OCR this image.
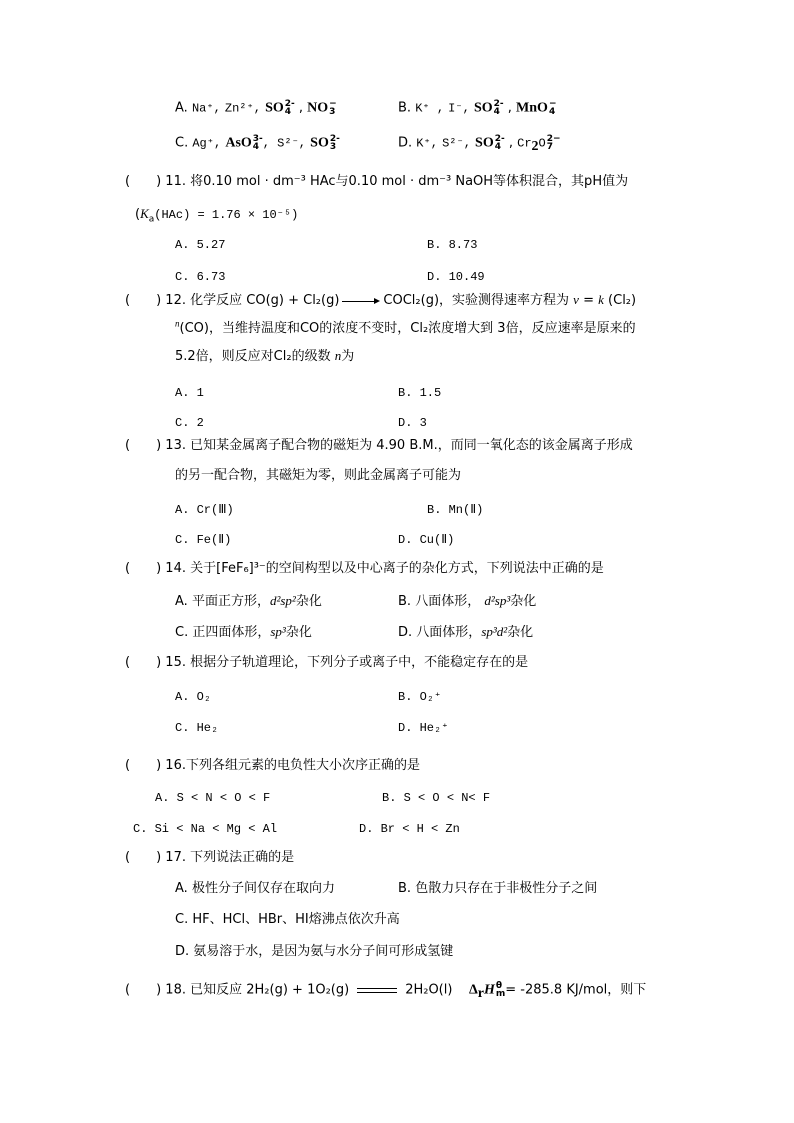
A. Na⁺, Zn²⁺, SO 2-
4 , NO −
3	B. K⁺ , I⁻, SO 2-
4 , MnO −
4
C. Ag⁺, AsO 3-
4 , S²⁻, SO 2-
3	D. K⁺, S²⁻, SO 2-
4 , $Cr_2O$ 2−
7
(　　) 11. 将0.10 mol · dm⁻³ HAc与0.10 mol · dm⁻³ NaOH等体积混合，其pH值为
$(K_a(HAc) = 1.76 \times 10^{-5})$
A. 5.27	B. 8.73
C. 6.73	D. 10.49
(　　) 12. 化学反应 CO(g) + Cl₂(g)	COCl₂(g)，实验测得速率方程为 v = k (Cl₂)
$^n$(CO)，当维持温度和CO的浓度不变时，Cl₂浓度增大到 3倍，反应速率是原来的
5.2倍，则反应对Cl₂的级数 n为
A. 1	B. 1.5
C. 2	D. 3
(　　) 13. 已知某金属离子配合物的磁矩为 4.90 B.M.，而同一氧化态的该金属离子形成
的另一配合物，其磁矩为零，则此金属离子可能为
A. Cr(Ⅲ)	B. Mn(Ⅱ)
C. Fe(Ⅱ)	D. Cu(Ⅱ)
(　　) 14. 关于[FeF₆]³⁻的空间构型以及中心离子的杂化方式，下列说法中正确的是
A. 平面正方形，d²sp²杂化	B. 八面体形， d²sp³杂化
C. 正四面体形，sp³杂化	D. 八面体形，sp³d²杂化
(　　) 15. 根据分子轨道理论，下列分子或离子中，不能稳定存在的是
A. O₂	B. O₂⁺
C. He₂	D. He₂⁺
(　　) 16.下列各组元素的电负性大小次序正确的是
A. S < N < O < F	B. S < O < N< F
C. Si < Na < Mg < Al	D. Br < H < Zn
(　　) 17. 下列说法正确的是
A. 极性分子间仅存在取向力	B. 色散力只存在于非极性分子之间
C. HF、HCl、HBr、HI熔沸点依次升高
D. 氨易溶于水，是因为氨与水分子间可形成氢键
(　　) 18. 已知反应 2H₂(g) + 1O₂(g)	2H₂O(l) $\Delta_rH$ θ
m = -285.8 KJ/mol，则下
